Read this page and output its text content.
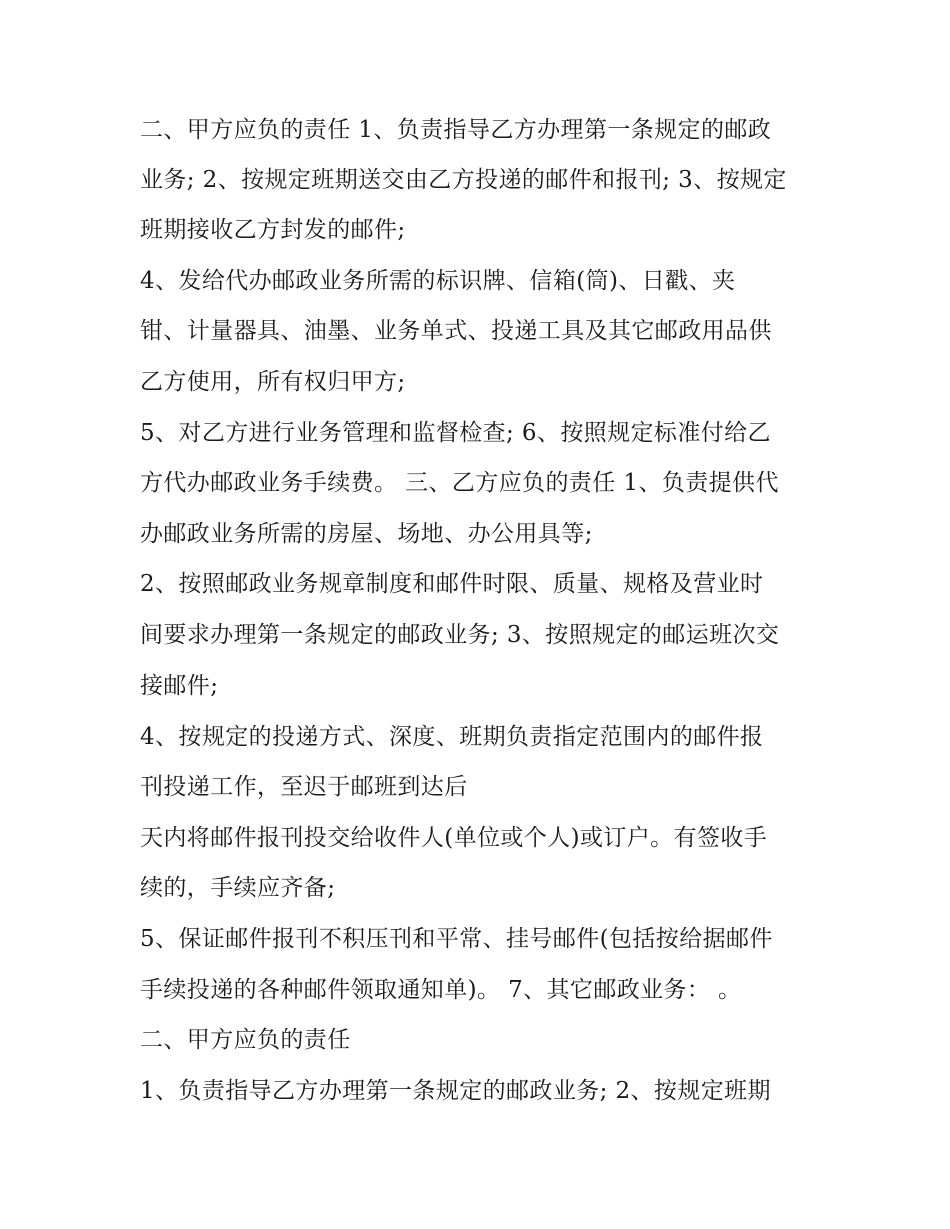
二、甲方应负的责任 1、负责指导乙方办理第一条规定的邮政
业务; 2、按规定班期送交由乙方投递的邮件和报刊; 3、按规定
班期接收乙方封发的邮件;
4、发给代办邮政业务所需的标识牌、信箱(筒)、日戳、夹
钳、计量器具、油墨、业务单式、投递工具及其它邮政用品供
乙方使用，所有权归甲方;
5、对乙方进行业务管理和监督检查; 6、按照规定标准付给乙
方代办邮政业务手续费。 三、乙方应负的责任 1、负责提供代
办邮政业务所需的房屋、场地、办公用具等;
2、按照邮政业务规章制度和邮件时限、质量、规格及营业时
间要求办理第一条规定的邮政业务; 3、按照规定的邮运班次交
接邮件;
4、按规定的投递方式、深度、班期负责指定范围内的邮件报
刊投递工作，至迟于邮班到达后
天内将邮件报刊投交给收件人(单位或个人)或订户。有签收手
续的，手续应齐备;
5、保证邮件报刊不积压刊和平常、挂号邮件(包括按给据邮件
手续投递的各种邮件领取通知单)。 7、其它邮政业务： 。
二、甲方应负的责任
1、负责指导乙方办理第一条规定的邮政业务; 2、按规定班期
